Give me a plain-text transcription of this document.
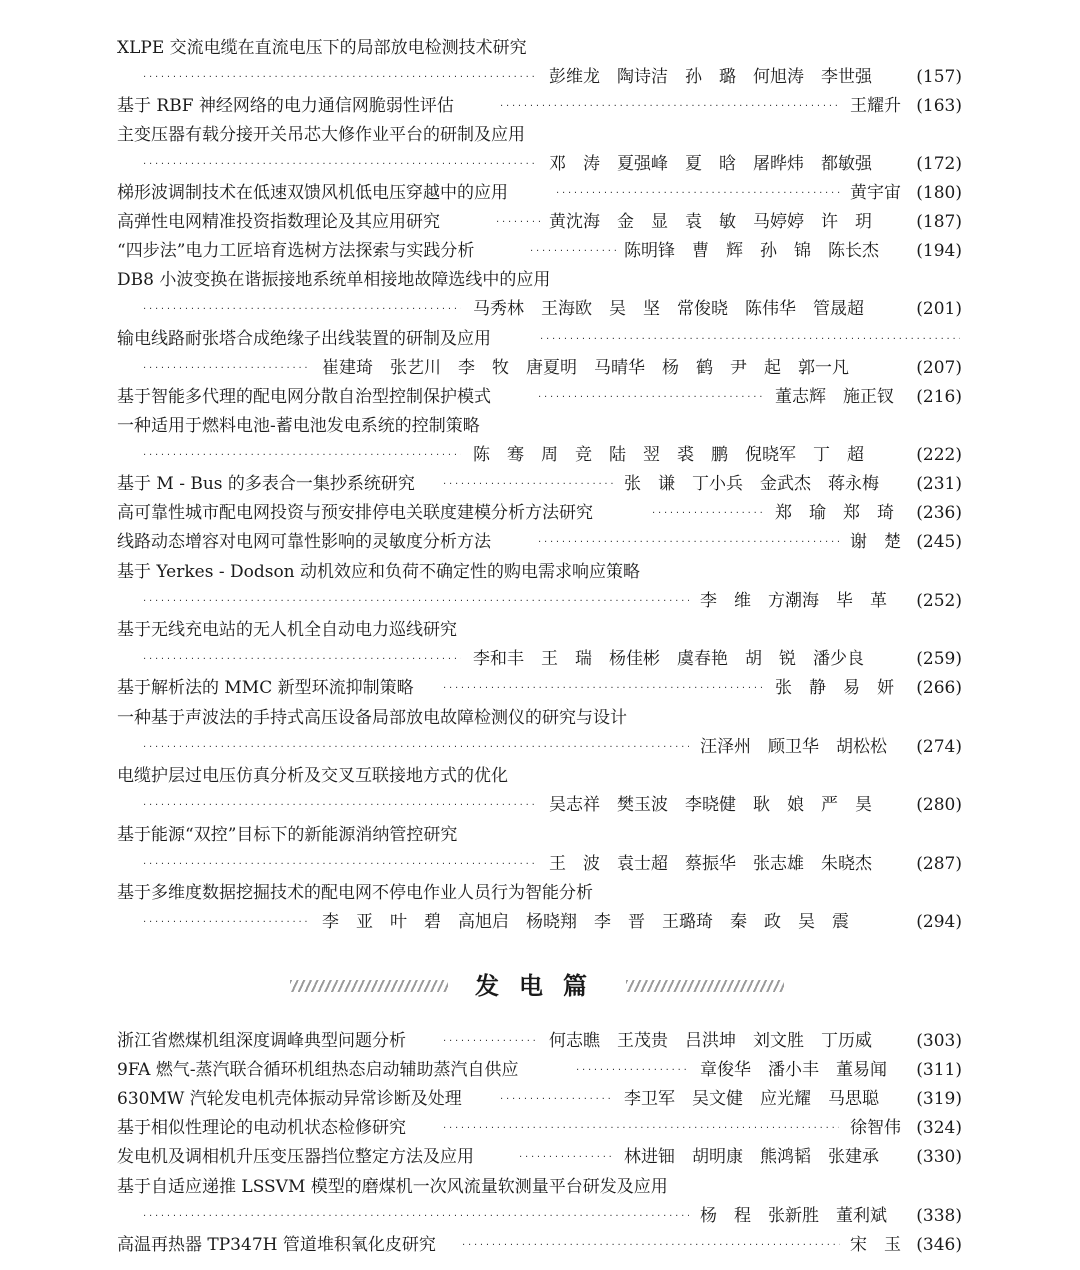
XLPE 交流电缆在直流电压下的局部放电检测技术研究
·····
彭维龙　陶诗洁　孙　璐　何旭涛　李世强	(157)
基于 RBF 神经网络的电力通信网脆弱性评估 ·····	王耀升 (163)
主变压器有载分接开关吊芯大修作业平台的研制及应用
·····
邓　涛　夏强峰　夏　晗　屠晔炜　都敏强	(172)
梯形波调制技术在低速双馈风机低电压穿越中的应用 ·····	黄宇宙 (180)
高弹性电网精准投资指数理论及其应用研究 ·····	黄沈海　金　显　袁　敏　马婷婷　许　玥	(187)
“四步法”电力工匠培育选树方法探索与实践分析 ·····	陈明锋　曹　辉　孙　锦　陈长杰 (194)
DB8 小波变换在谐振接地系统单相接地故障选线中的应用
·····
马秀林　王海欧　吴　坚　常俊晓　陈伟华　管晟超	(201)
输电线路耐张塔合成绝缘子出线装置的研制及应用
·····
·····
崔建琦　张艺川　李　牧　唐夏明　马晴华　杨　鹤　尹　起　郭一凡	(207)
基于智能多代理的配电网分散自治型控制保护模式 ·····	董志辉　施正钗 (216)
一种适用于燃料电池-蓄电池发电系统的控制策略
·····
陈　骞　周　竞　陆　翌　裘　鹏　倪晓军　丁　超	(222)
基于 M - Bus 的多表合一集抄系统研究 ·····	张　谦　丁小兵　金武杰　蒋永梅 (231)
高可靠性城市配电网投资与预安排停电关联度建模分析方法研究 ·····	郑　瑜　郑　琦 (236)
线路动态增容对电网可靠性影响的灵敏度分析方法 ·····	谢　楚 (245)
基于 Yerkes - Dodson 动机效应和负荷不确定性的购电需求响应策略
·····
李　维　方潮海　毕　革 (252)
基于无线充电站的无人机全自动电力巡线研究
·····
李和丰　王　瑞　杨佳彬　虞春艳　胡　锐　潘少良	(259)
基于解析法的 MMC 新型环流抑制策略 ·····	张　静　易　妍 (266)
一种基于声波法的手持式高压设备局部放电故障检测仪的研究与设计
·····
汪泽州　顾卫华　胡松松 (274)
电缆护层过电压仿真分析及交叉互联接地方式的优化
·····
吴志祥　樊玉波　李晓健　耿　娘　严　昊	(280)
基于能源“双控”目标下的新能源消纳管控研究
·····
王　波　袁士超　蔡振华　张志雄　朱晓杰	(287)
基于多维度数据挖掘技术的配电网不停电作业人员行为智能分析
·····
李　亚　叶　碧　高旭启　杨晓翔　李　晋　王璐琦　秦　政　吴　震	(294)
发电篇
浙江省燃煤机组深度调峰典型问题分析 ·····	何志瞧　王茂贵　吕洪坤　刘文胜　丁历威	(303)
9FA 燃气-蒸汽联合循环机组热态启动辅助蒸汽自供应 ·····	章俊华　潘小丰　董易闻 (311)
630MW 汽轮发电机壳体振动异常诊断及处理 ·····	李卫军　吴文健　应光耀　马思聪 (319)
基于相似性理论的电动机状态检修研究 ·····	徐智伟 (324)
发电机及调相机升压变压器挡位整定方法及应用 ·····	林进钿　胡明康　熊鸿韬　张建承 (330)
基于自适应递推 LSSVM 模型的磨煤机一次风流量软测量平台研发及应用
·····
杨　程　张新胜　董利斌 (338)
高温再热器 TP347H 管道堆积氧化皮研究 ·····	宋　玉 (346)
